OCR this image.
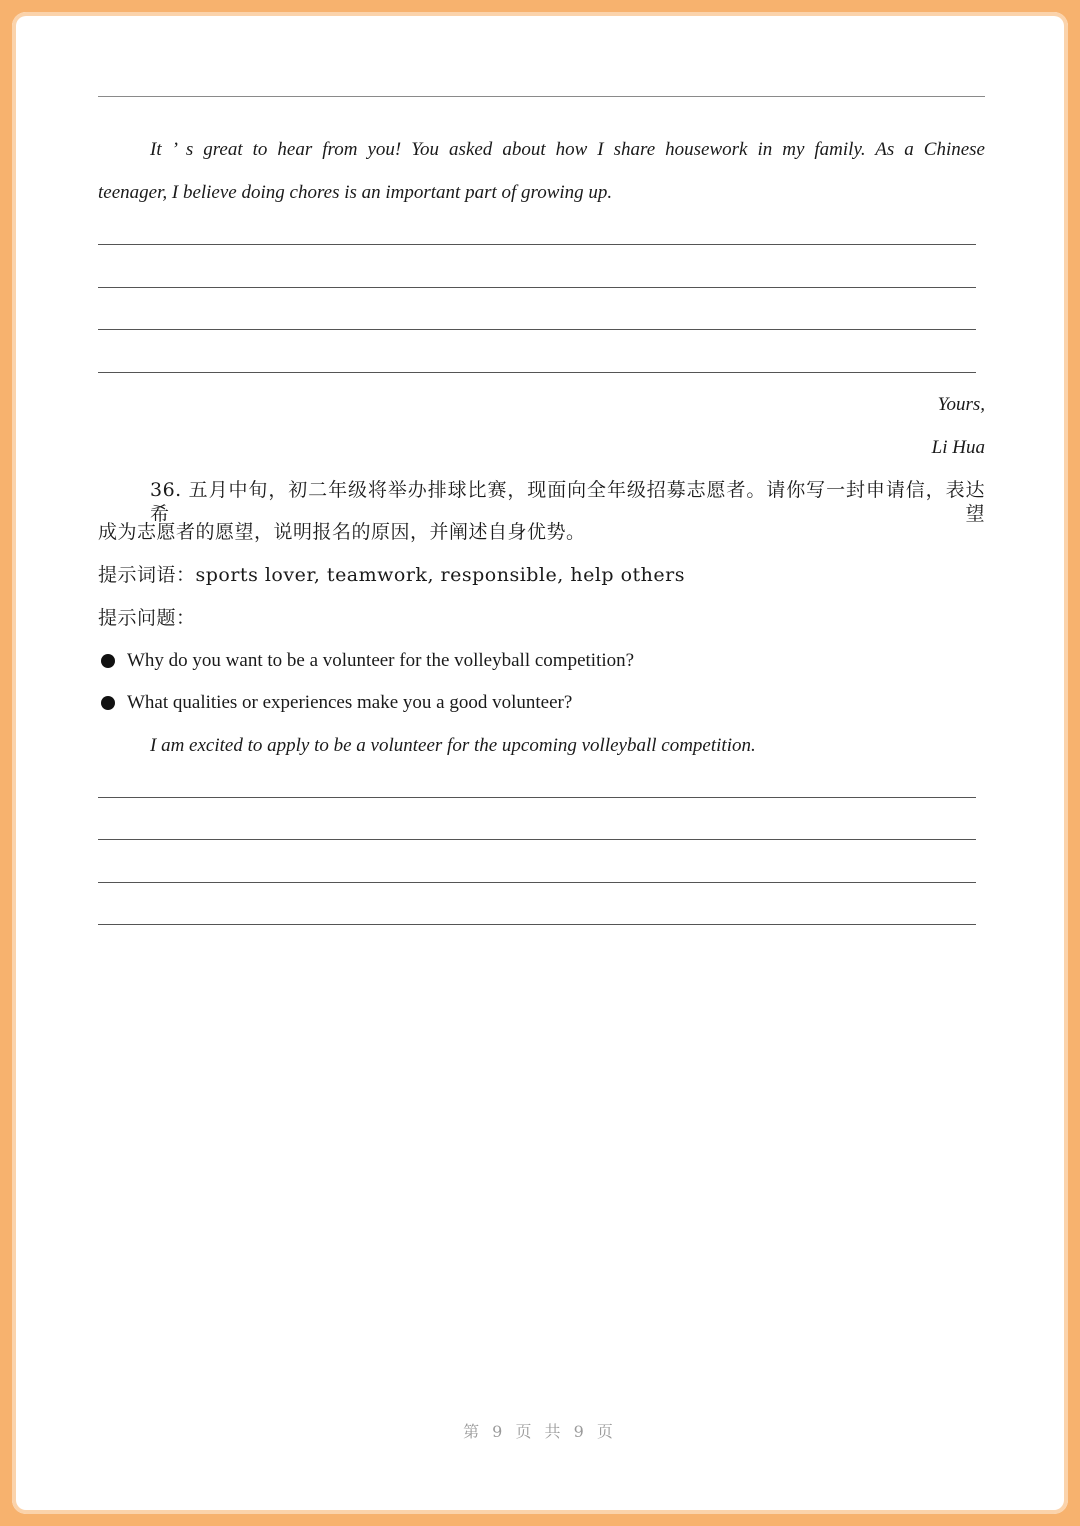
It ’ s great to hear from you! You asked about how I share housework in my family. As a Chinese
teenager, I believe doing chores is an important part of growing up.
Yours,
Li Hua
36. 五月中旬，初二年级将举办排球比赛，现面向全年级招募志愿者。请你写一封申请信，表达希望
成为志愿者的愿望，说明报名的原因，并阐述自身优势。
提示词语：sports lover, teamwork, responsible, help others
提示问题：
Why do you want to be a volunteer for the volleyball competition?
What qualities or experiences make you a good volunteer?
I am excited to apply to be a volunteer for the upcoming volleyball competition.
第 9 页 共 9 页
